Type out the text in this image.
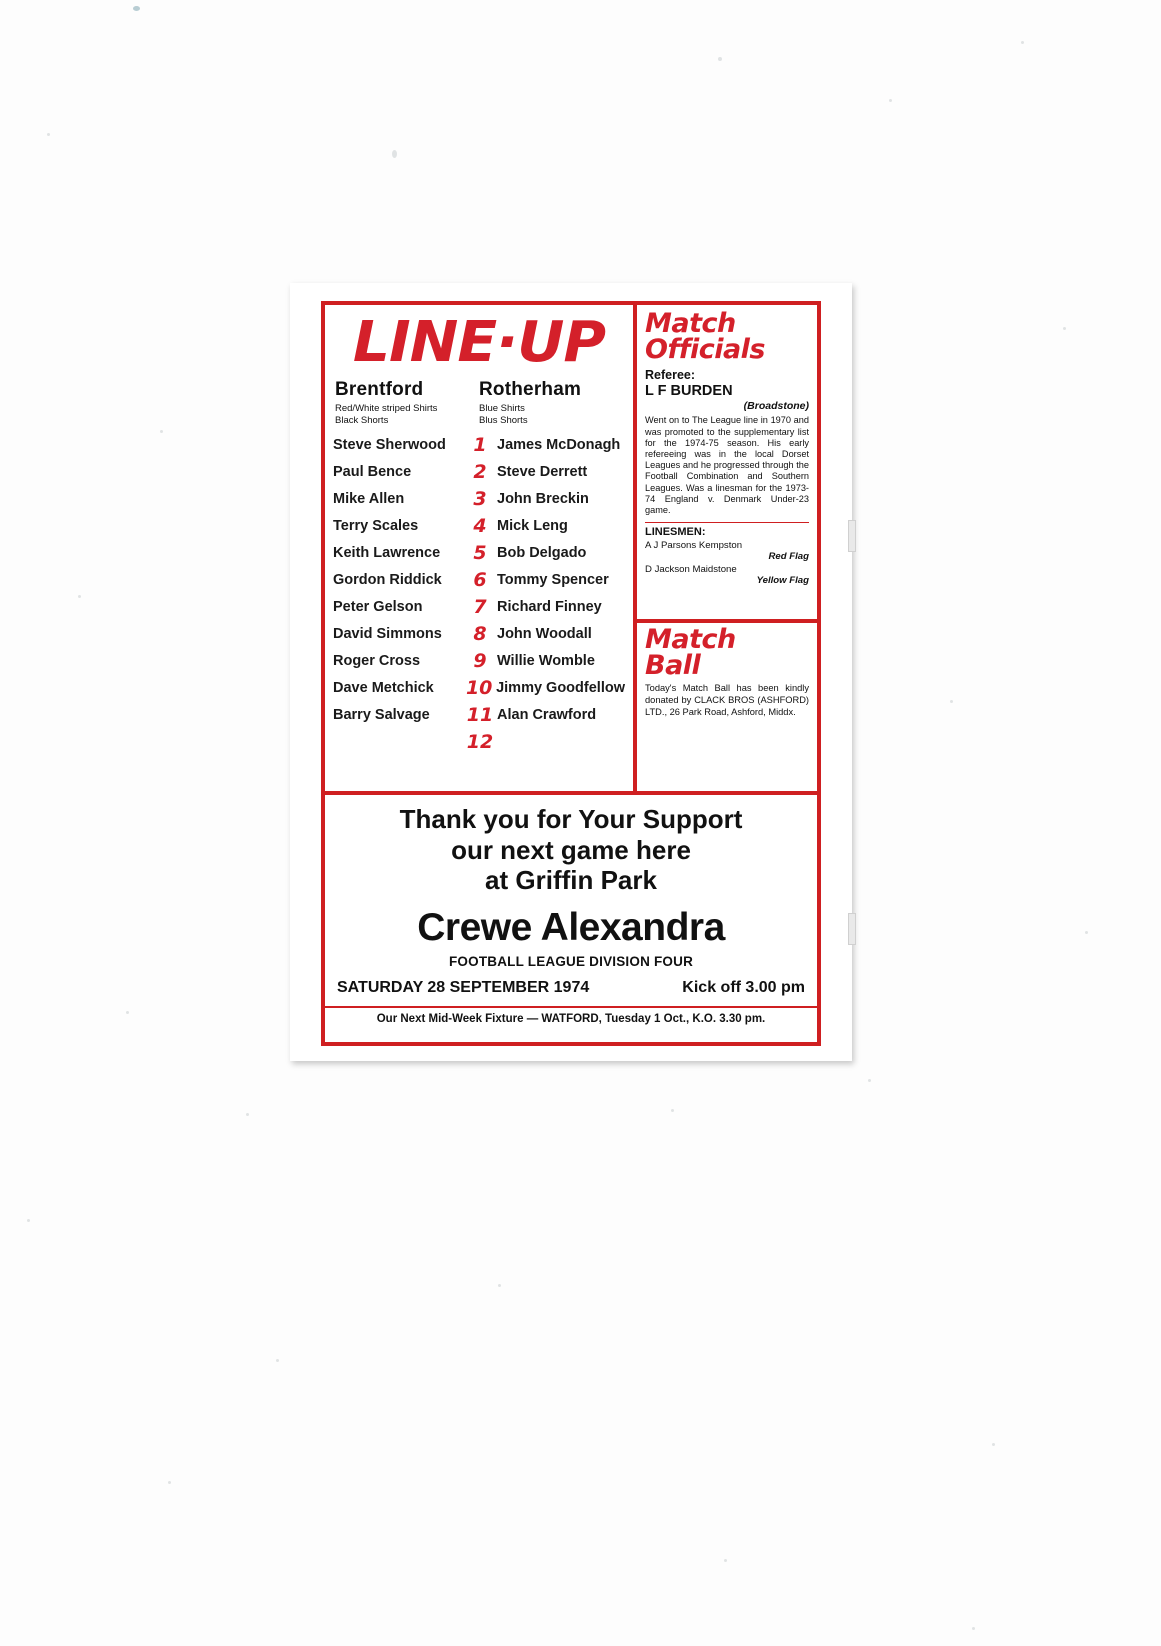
LINE·UP
Brentford
Red/White striped Shirts
Black Shorts
Rotherham
Blue Shirts
Blus Shorts
Steve Sherwood	1 James McDonagh
Paul Bence	2 Steve Derrett
Mike Allen	3 John Breckin
Terry Scales	4 Mick Leng
Keith Lawrence	5 Bob Delgado
Gordon Riddick	6 Tommy Spencer
Peter Gelson	7 Richard Finney
David Simmons	8 John Woodall
Roger Cross	9 Willie Womble
Dave Metchick	10 Jimmy Goodfellow
Barry Salvage	11 Alan Crawford
12
Match
Officials
Referee:
L F BURDEN
(Broadstone)
Went on to The League line in 1970 and was promoted to the supplementary list for the 1974-75 season. His early refereeing was in the local Dorset Leagues and he progressed through the Football Combination and Southern Leagues. Was a linesman for the 1973-74 England v. Denmark Under-23 game.
LINESMEN:
A J Parsons Kempston
Red Flag
D Jackson Maidstone
Yellow Flag
Match
Ball
Today's Match Ball has been kindly donated by CLACK BROS (ASHFORD) LTD., 26 Park Road, Ashford, Middx.
Thank you for Your Support
our next game here
at Griffin Park
Crewe Alexandra
FOOTBALL LEAGUE DIVISION FOUR
SATURDAY 28 SEPTEMBER 1974	Kick off 3.00 pm
Our Next Mid-Week Fixture — WATFORD, Tuesday 1 Oct., K.O. 3.30 pm.
